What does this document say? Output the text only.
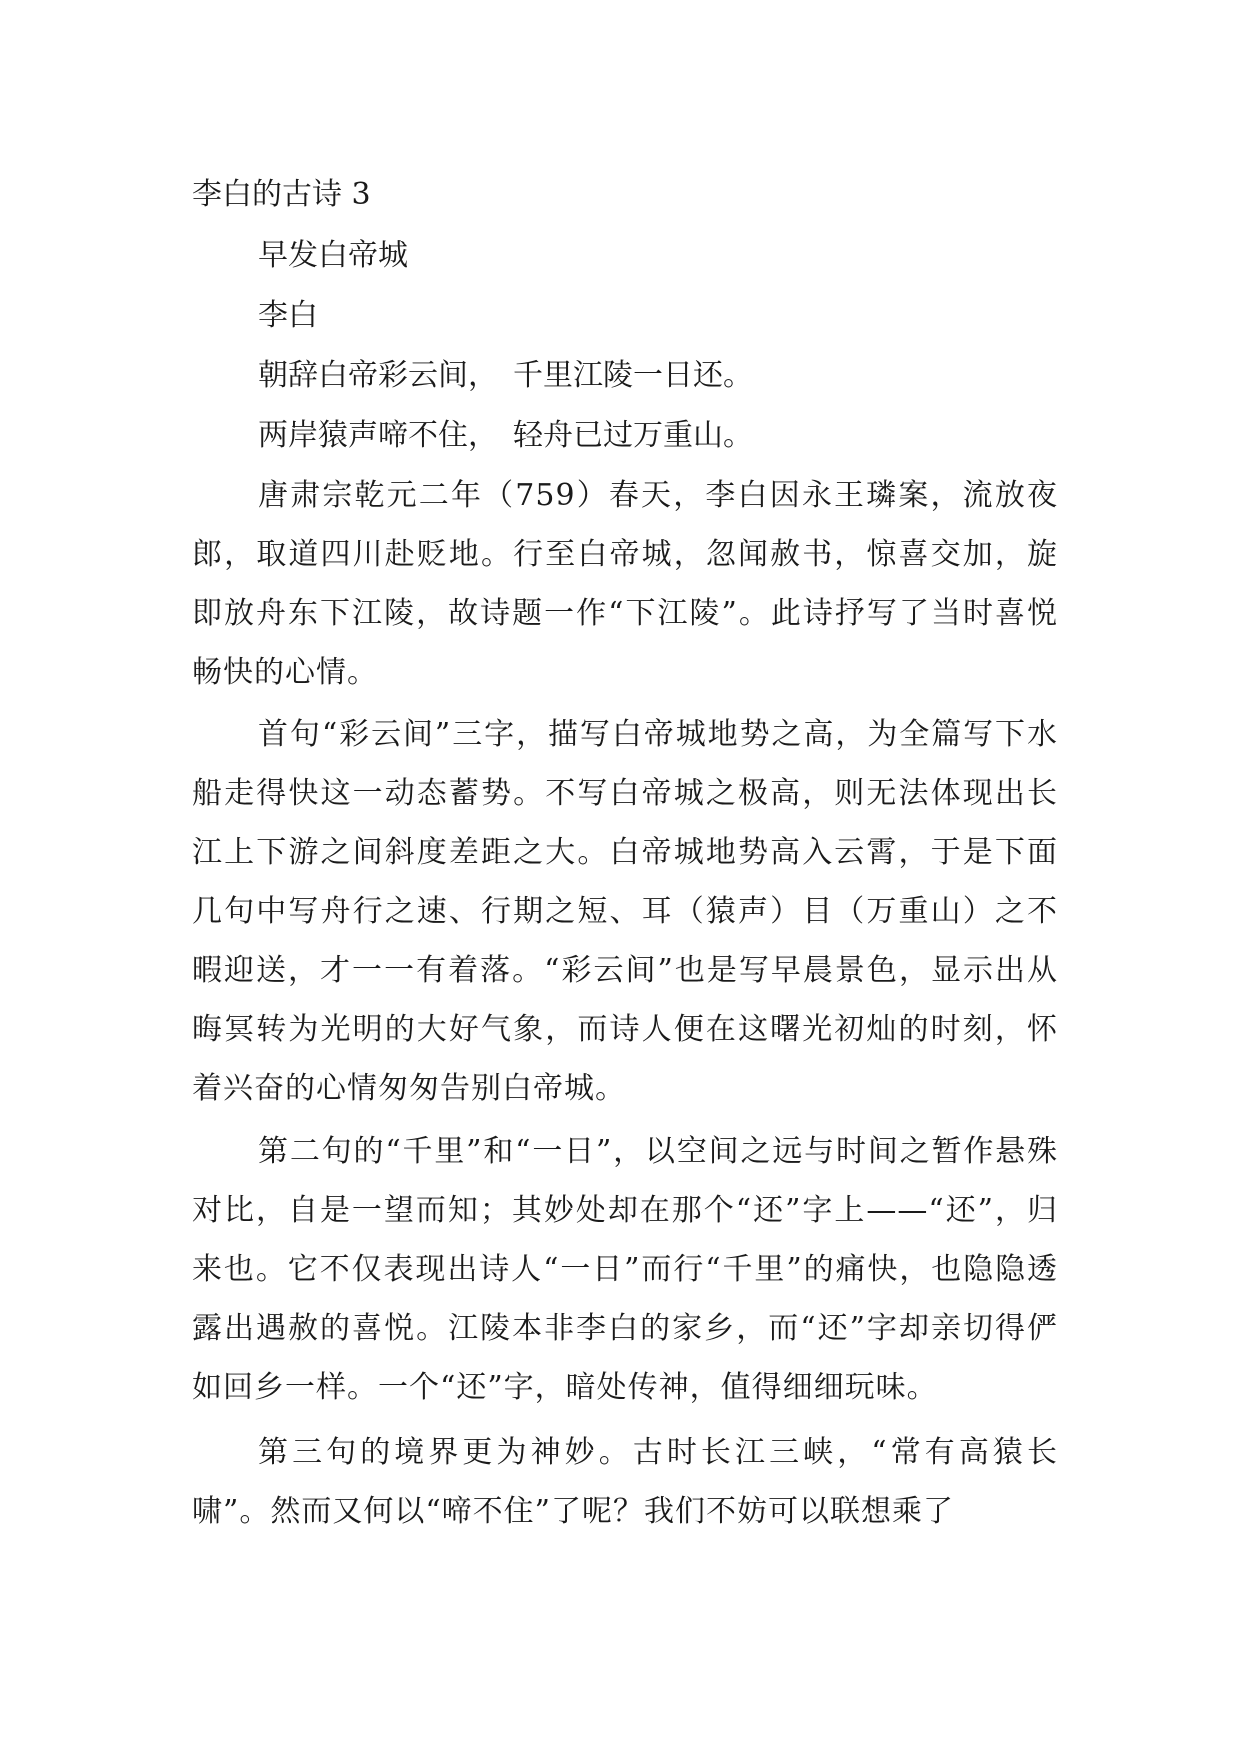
李白的古诗 3

早发白帝城

李白

朝辞白帝彩云间，　千里江陵一日还。

两岸猿声啼不住，　轻舟已过万重山。

唐肃宗乾元二年（759）春天，李白因永王璘案，流放夜郎，取道四川赴贬地。行至白帝城，忽闻赦书，惊喜交加，旋即放舟东下江陵，故诗题一作“下江陵”。此诗抒写了当时喜悦畅快的心情。

首句“彩云间”三字，描写白帝城地势之高，为全篇写下水船走得快这一动态蓄势。不写白帝城之极高，则无法体现出长江上下游之间斜度差距之大。白帝城地势高入云霄，于是下面几句中写舟行之速、行期之短、耳（猿声）目（万重山）之不暇迎送，才一一有着落。“彩云间”也是写早晨景色，显示出从晦冥转为光明的大好气象，而诗人便在这曙光初灿的时刻，怀着兴奋的心情匆匆告别白帝城。

第二句的“千里”和“一日”，以空间之远与时间之暂作悬殊对比，自是一望而知；其妙处却在那个“还”字上——“还”，归来也。它不仅表现出诗人“一日”而行“千里”的痛快，也隐隐透露出遇赦的喜悦。江陵本非李白的家乡，而“还”字却亲切得俨如回乡一样。一个“还”字，暗处传神，值得细细玩味。

第三句的境界更为神妙。古时长江三峡，“常有高猿长啸”。然而又何以“啼不住”了呢？我们不妨可以联想乘了
